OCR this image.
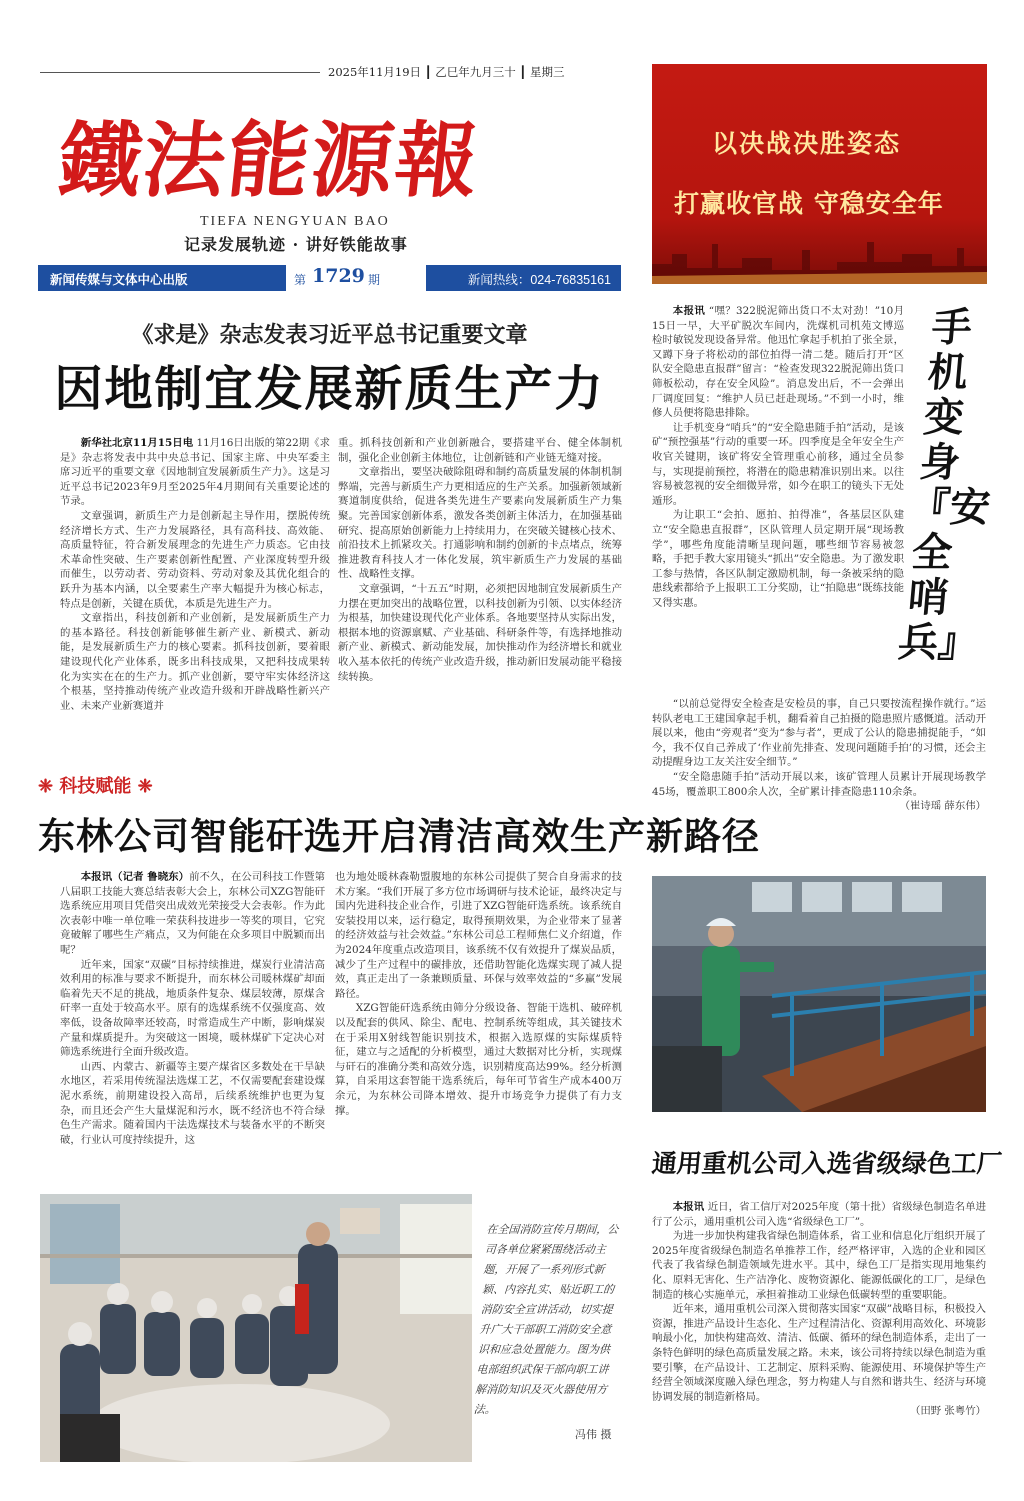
2025年11月19日 ┃ 乙巳年九月三十 ┃ 星期三
鐵法能源報
TIEFA NENGYUAN BAO
记录发展轨迹 · 讲好铁能故事
新闻传媒与文体中心出版	第 1729 期	新闻热线：024-76835161
以决战决胜姿态
打赢收官战 守稳安全年
《求是》杂志发表习近平总书记重要文章
因地制宜发展新质生产力

新华社北京11月15日电 11月16日出版的第22期《求是》杂志将发表中共中央总书记、国家主席、中央军委主席习近平的重要文章《因地制宜发展新质生产力》。这是习近平总书记2023年9月至2025年4月期间有关重要论述的节录。

文章强调，新质生产力是创新起主导作用，摆脱传统经济增长方式、生产力发展路径，具有高科技、高效能、高质量特征，符合新发展理念的先进生产力质态。它由技术革命性突破、生产要素创新性配置、产业深度转型升级而催生，以劳动者、劳动资料、劳动对象及其优化组合的跃升为基本内涵，以全要素生产率大幅提升为核心标志，特点是创新，关键在质优，本质是先进生产力。

文章指出，科技创新和产业创新，是发展新质生产力的基本路径。科技创新能够催生新产业、新模式、新动能，是发展新质生产力的核心要素。抓科技创新，要着眼建设现代化产业体系，既多出科技成果，又把科技成果转化为实实在在的生产力。抓产业创新，要守牢实体经济这个根基，坚持推动传统产业改造升级和开辟战略性新兴产业、未来产业新赛道并

重。抓科技创新和产业创新融合，要搭建平台、健全体制机制，强化企业创新主体地位，让创新链和产业链无缝对接。

文章指出，要坚决破除阻碍和制约高质量发展的体制机制弊端，完善与新质生产力更相适应的生产关系。加强新领域新赛道制度供给，促进各类先进生产要素向发展新质生产力集聚。完善国家创新体系，激发各类创新主体活力，在加强基础研究、提高原始创新能力上持续用力，在突破关键核心技术、前沿技术上抓紧攻关。打通影响和制约创新的卡点堵点，统筹推进教育科技人才一体化发展，筑牢新质生产力发展的基础性、战略性支撑。

文章强调，“十五五”时期，必须把因地制宜发展新质生产力摆在更加突出的战略位置，以科技创新为引领、以实体经济为根基，加快建设现代化产业体系。各地要坚持从实际出发，根据本地的资源禀赋、产业基础、科研条件等，有选择地推动新产业、新模式、新动能发展，加快推动作为经济增长和就业收入基本依托的传统产业改造升级，推动新旧发展动能平稳接续转换。

❈ 科技赋能 ❈
东林公司智能矸选开启清洁高效生产新路径

本报讯（记者 鲁晓东）前不久，在公司科技工作暨第八届职工技能大赛总结表彰大会上，东林公司XZG智能矸选系统应用项目凭借突出成效光荣接受大会表彰。作为此次表彰中唯一单位唯一荣获科技进步一等奖的项目，它究竟破解了哪些生产痛点，又为何能在众多项目中脱颖而出呢？

近年来，国家“双碳”目标持续推进，煤炭行业清洁高效利用的标准与要求不断提升，而东林公司暖林煤矿却面临着先天不足的挑战，地质条件复杂、煤层较薄，原煤含矸率一直处于较高水平。原有的选煤系统不仅强度高、效率低，设备故障率还较高，时常造成生产中断，影响煤炭产量和煤质提升。为突破这一困境，暖林煤矿下定决心对筛选系统进行全面升级改造。

山西、内蒙古、新疆等主要产煤省区多数处在干旱缺水地区，若采用传统湿法选煤工艺，不仅需要配套建设煤泥水系统，前期建设投入高昂，后续系统维护也更为复杂，而且还会产生大量煤泥和污水，既不经济也不符合绿色生产需求。随着国内干法选煤技术与装备水平的不断突破，行业认可度持续提升，这

也为地处暖林森勒盟腹地的东林公司提供了契合自身需求的技术方案。“我们开展了多方位市场调研与技术论证，最终决定与国内先进科技企业合作，引进了XZG智能矸选系统。该系统自安装投用以来，运行稳定，取得预期效果，为企业带来了显著的经济效益与社会效益。”东林公司总工程师焦仁义介绍道，作为2024年度重点改造项目，该系统不仅有效提升了煤炭品质，减少了生产过程中的碳排放，还借助智能化选煤实现了减人提效，真正走出了一条兼顾质量、环保与效率效益的“多赢”发展路径。

XZG智能矸选系统由筛分分级设备、智能干选机、破碎机以及配套的供风、除尘、配电、控制系统等组成，其关键技术在于采用X射线智能识别技术，根据入选原煤的实际煤质特征，建立与之适配的分析模型，通过大数据对比分析，实现煤与矸石的准确分类和高效分选，识别精度高达99%。经分析测算，自采用这套智能干选系统后，每年可节省生产成本400万余元，为东林公司降本增效、提升市场竞争力提供了有力支撑。

在全国消防宣传月期间，公司各单位紧紧围绕活动主题，开展了一系列形式新颖、内容扎实、贴近职工的消防安全宣讲活动，切实提升广大干部职工消防安全意识和应急处置能力。图为供电部组织武保干部向职工讲解消防知识及灭火器使用方法。
冯伟 摄
手机变身『安全哨兵』

本报讯 “嘿？322脱泥筛出货口不太对劲！”10月15日一早，大平矿脱次车间内，洗煤机司机苑文博巡检时敏锐发现设备异常。他迅忙拿起手机拍了张全景，又蹲下身子将松动的部位拍得一清二楚。随后打开“区队安全隐患直报群”留言：“检查发现322脱泥筛出货口筛板松动，存在安全风险”。消息发出后，不一会弹出厂调度回复：“维护人员已赶赴现场。”不到一小时，维修人员便将隐患排除。

让手机变身“哨兵”的“安全隐患随手拍”活动，是该矿“预控强基”行动的重要一环。四季度是全年安全生产收官关键期，该矿将安全管理重心前移，通过全员参与，实现提前预控，将潜在的隐患精准识别出来。以往容易被忽视的安全细微异常，如今在职工的镜头下无处遁形。

为让职工“会拍、愿拍、拍得准”，各基层区队建立“安全隐患直报群”，区队管理人员定期开展“现场教学”，哪些角度能清晰呈现问题，哪些细节容易被忽略，手把手教大家用镜头“抓出”安全隐患。为了激发职工参与热情，各区队制定激励机制，每一条被采纳的隐患线索都给予上报职工工分奖励，让“拍隐患”既练技能又得实惠。

“以前总觉得安全检查是安检员的事，自己只要按流程操作就行。”运转队老电工王建国拿起手机，翻看着自己拍摄的隐患照片感慨道。活动开展以来，他由“旁观者”变为“参与者”，更成了公认的隐患捕捉能手，“如今，我不仅自己养成了‘作业前先排查、发现问题随手拍’的习惯，还会主动提醒身边工友关注安全细节。”

“安全隐患随手拍”活动开展以来，该矿管理人员累计开展现场教学45场，覆盖职工800余人次，全矿累计排查隐患110余条。

（崔诗瑶 薛东伟）

通用重机公司入选省级绿色工厂

本报讯 近日，省工信厅对2025年度（第十批）省级绿色制造名单进行了公示，通用重机公司入选“省级绿色工厂”。

为进一步加快构建我省绿色制造体系，省工业和信息化厅组织开展了2025年度省级绿色制造名单推荐工作，经严格评审，入选的企业和园区代表了我省绿色制造领域先进水平。其中，绿色工厂是指实现用地集约化、原料无害化、生产洁净化、废物资源化、能源低碳化的工厂，是绿色制造的核心实施单元，承担着推动工业绿色低碳转型的重要职能。

近年来，通用重机公司深入贯彻落实国家“双碳”战略目标，积极投入资源，推进产品设计生态化、生产过程清洁化、资源利用高效化、环境影响最小化，加快构建高效、清洁、低碳、循环的绿色制造体系，走出了一条特色鲜明的绿色高质量发展之路。未来，该公司将持续以绿色制造为重要引擎，在产品设计、工艺制定、原料采购、能源使用、环境保护等生产经营全领域深度融入绿色理念，努力构建人与自然和谐共生、经济与环境协调发展的制造新格局。

（田野 张粤竹）
